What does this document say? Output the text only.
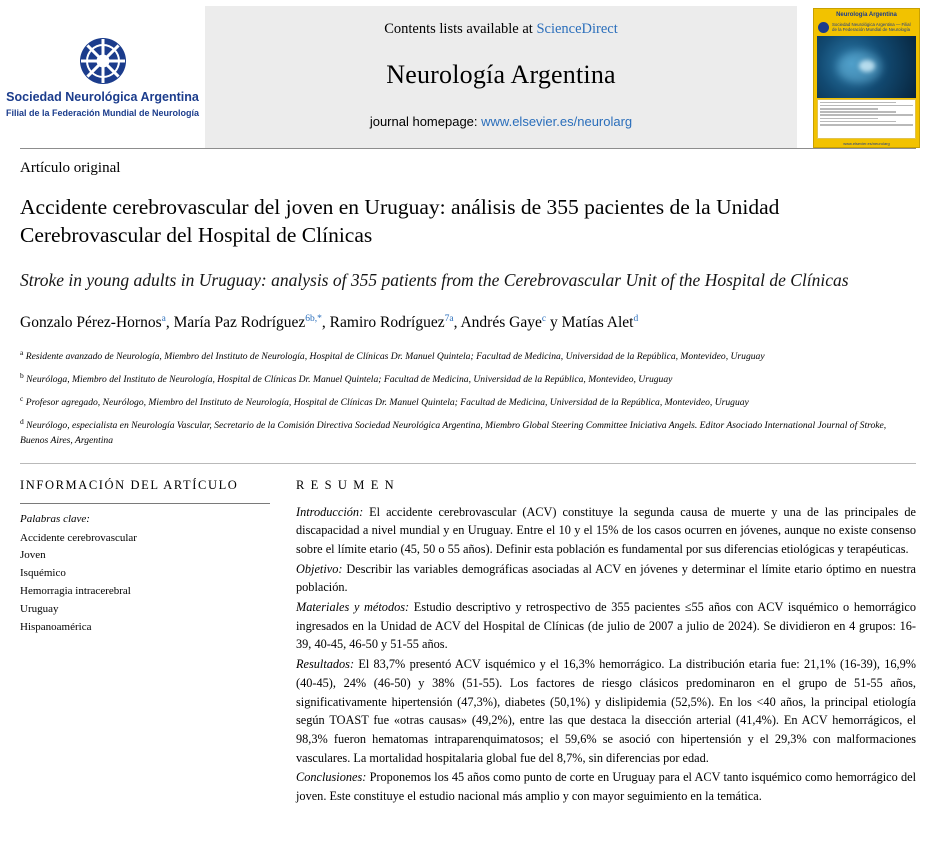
Sociedad Neurológica Argentina
Filial de la Federación Mundial de Neurología
Contents lists available at ScienceDirect
Neurología Argentina
journal homepage: www.elsevier.es/neurolarg
Neurología Argentina
Sociedad Neurológica Argentina — Filial de la Federación Mundial de Neurología
www.elsevier.es/neurolarg
Artículo original
Accidente cerebrovascular del joven en Uruguay: análisis de 355 pacientes de la Unidad Cerebrovascular del Hospital de Clínicas
Stroke in young adults in Uruguay: analysis of 355 patients from the Cerebrovascular Unit of the Hospital de Clínicas
Gonzalo Pérez-Hornos$^a$, María Paz Rodríguez$^{6b,*}$, Ramiro Rodríguez$^{7a}$, Andrés Gaye$^c$ y Matías Alet$^d$
$^a$ Residente avanzado de Neurología, Miembro del Instituto de Neurología, Hospital de Clínicas Dr. Manuel Quintela; Facultad de Medicina, Universidad de la República, Montevideo, Uruguay
$^b$ Neuróloga, Miembro del Instituto de Neurología, Hospital de Clínicas Dr. Manuel Quintela; Facultad de Medicina, Universidad de la República, Montevideo, Uruguay
$^c$ Profesor agregado, Neurólogo, Miembro del Instituto de Neurología, Hospital de Clínicas Dr. Manuel Quintela; Facultad de Medicina, Universidad de la República, Montevideo, Uruguay
$^d$ Neurólogo, especialista en Neurología Vascular, Secretario de la Comisión Directiva Sociedad Neurológica Argentina, Miembro Global Steering Committee Iniciativa Angels. Editor Asociado International Journal of Stroke, Buenos Aires, Argentina
INFORMACIÓN DEL ARTÍCULO
Palabras clave:
Accidente cerebrovascular
Joven
Isquémico
Hemorragia intracerebral
Uruguay
Hispanoamérica
R E S U M E N

Introducción: El accidente cerebrovascular (ACV) constituye la segunda causa de muerte y una de las principales de discapacidad a nivel mundial y en Uruguay. Entre el 10 y el 15% de los casos ocurren en jóvenes, aunque no existe consenso sobre el límite etario (45, 50 o 55 años). Definir esta población es fundamental por sus diferencias etiológicas y terapéuticas.

Objetivo: Describir las variables demográficas asociadas al ACV en jóvenes y determinar el límite etario óptimo en nuestra población.

Materiales y métodos: Estudio descriptivo y retrospectivo de 355 pacientes ≤55 años con ACV isquémico o hemorrágico ingresados en la Unidad de ACV del Hospital de Clínicas (de julio de 2007 a julio de 2024). Se dividieron en 4 grupos: 16-39, 40-45, 46-50 y 51-55 años.

Resultados: El 83,7% presentó ACV isquémico y el 16,3% hemorrágico. La distribución etaria fue: 21,1% (16-39), 16,9% (40-45), 24% (46-50) y 38% (51-55). Los factores de riesgo clásicos predominaron en el grupo de 51-55 años, significativamente hipertensión (47,3%), diabetes (50,1%) y dislipidemia (52,5%). En los <40 años, la principal etiología según TOAST fue «otras causas» (49,2%), entre las que destaca la disección arterial (41,4%). En ACV hemorrágicos, el 98,3% fueron hematomas intraparenquimatosos; el 59,6% se asoció con hipertensión y el 29,3% con malformaciones vasculares. La mortalidad hospitalaria global fue del 8,7%, sin diferencias por edad.

Conclusiones: Proponemos los 45 años como punto de corte en Uruguay para el ACV tanto isquémico como hemorrágico del joven. Este constituye el estudio nacional más amplio y con mayor seguimiento en la temática.
